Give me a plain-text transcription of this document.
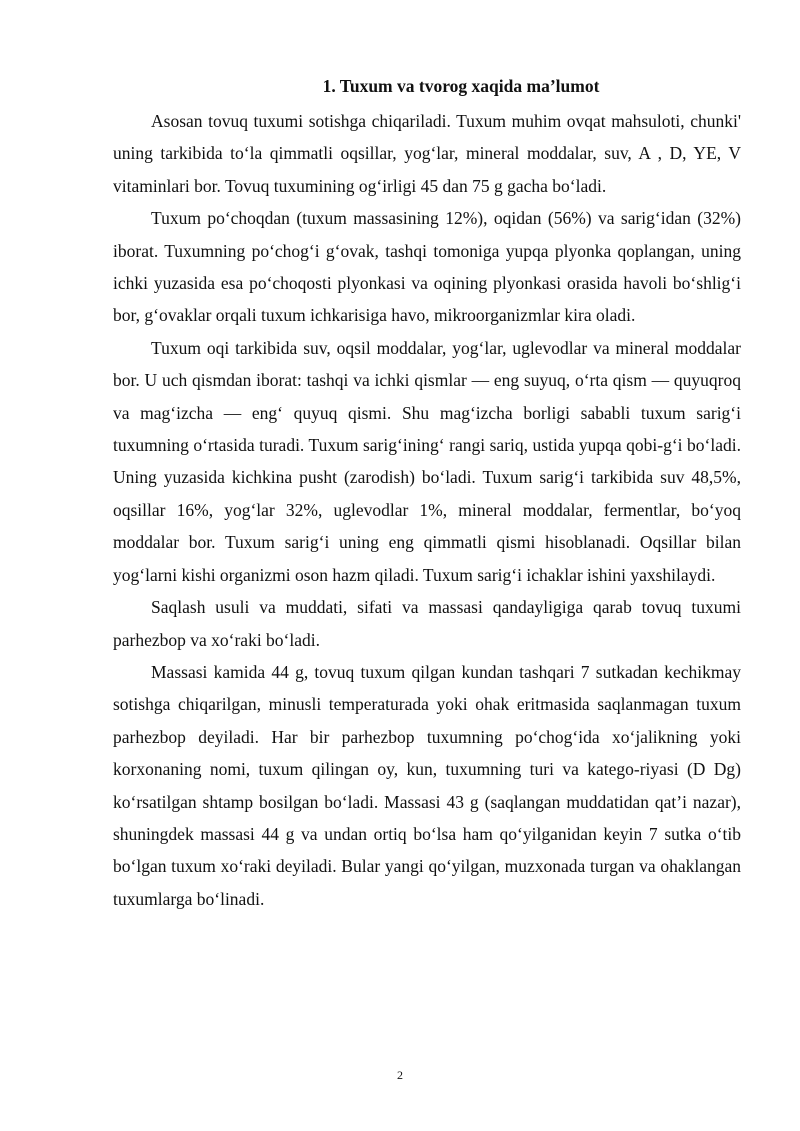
1. Tuxum va tvorog xaqida ma’lumot

Asosan tovuq tuxumi sotishga chiqariladi. Tuxum muhim ovqat mahsuloti, chunki' uning tarkibida to‘la qimmatli oqsillar, yog‘lar, mineral moddalar, suv, A , D, YE, V vitaminlari bor. Tovuq tuxumining og‘irligi 45 dan 75 g gacha bo‘ladi.

Tuxum po‘choqdan (tuxum massasining 12%), oqidan (56%) va sarig‘idan (32%) iborat. Tuxumning po‘chog‘i g‘ovak, tashqi tomoniga yupqa plyonka qoplangan, uning ichki yuzasida esa po‘choqosti plyonkasi va oqining plyonkasi orasida havoli bo‘shlig‘i bor, g‘ovaklar orqali tuxum ichkarisiga havo, mikroorganizmlar kira oladi.

Tuxum oqi tarkibida suv, oqsil moddalar, yog‘lar, uglevodlar va mineral moddalar bor. U uch qismdan iborat: tashqi va ichki qismlar — eng suyuq, o‘rta qism — quyuqroq va mag‘izcha — eng‘ quyuq qismi. Shu mag‘izcha borligi sababli tuxum sarig‘i tuxumning o‘rtasida turadi. Tuxum sarig‘ining‘ rangi sariq, ustida yupqa qobi-g‘i bo‘ladi. Uning yuzasida kichkina pusht (zarodish) bo‘ladi. Tuxum sarig‘i tarkibida suv 48,5%, oqsillar 16%, yog‘lar 32%, uglevodlar 1%, mineral moddalar, fermentlar, bo‘yoq moddalar bor. Tuxum sarig‘i uning eng qimmatli qismi hisoblanadi. Oqsillar bilan yog‘larni kishi organizmi oson hazm qiladi. Tuxum sarig‘i ichaklar ishini yaxshilaydi.

Saqlash usuli va muddati, sifati va massasi qandayligiga qarab tovuq tuxumi parhezbop va xo‘raki bo‘ladi.

Massasi kamida 44 g, tovuq tuxum qilgan kundan tashqari 7 sutkadan kechikmay sotishga chiqarilgan, minusli temperaturada yoki ohak eritmasida saqlanmagan tuxum parhezbop deyiladi. Har bir parhezbop tuxumning po‘chog‘ida xo‘jalikning yoki korxonaning nomi, tuxum qilingan oy, kun, tuxumning turi va katego-riyasi (D Dg) ko‘rsatilgan shtamp bosilgan bo‘ladi. Massasi 43 g (saqlangan muddatidan qat’i nazar), shuningdek massasi 44 g va undan ortiq bo‘lsa ham qo‘yilganidan keyin 7 sutka o‘tib bo‘lgan tuxum xo‘raki deyiladi. Bular yangi qo‘yilgan, muzxonada turgan va ohaklangan tuxumlarga bo‘linadi.

2
